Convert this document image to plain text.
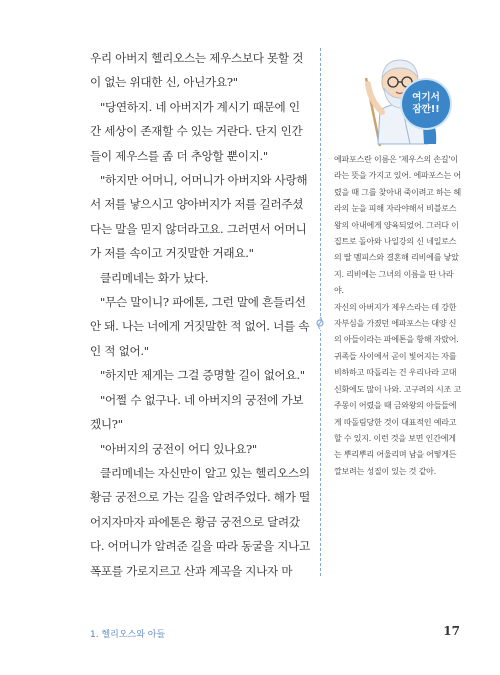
우리 아버지 헬리오스는 제우스보다 못할 것이 없는 위대한 신, 아닌가요?"

"당연하지. 네 아버지가 계시기 때문에 인간 세상이 존재할 수 있는 거란다. 단지 인간들이 제우스를 좀 더 추앙할 뿐이지."

"하지만 어머니, 어머니가 아버지와 사랑해서 저를 낳으시고 양아버지가 저를 길러주셨다는 말을 믿지 않더라고요. 그러면서 어머니가 저를 속이고 거짓말한 거래요."

클리메네는 화가 났다.

"무슨 말이니? 파에톤, 그런 말에 흔들리선 안 돼. 나는 너에게 거짓말한 적 없어. 너를 속인 적 없어."

"하지만 제게는 그걸 증명할 길이 없어요."

"어쩔 수 없구나. 네 아버지의 궁전에 가보겠니?"

"아버지의 궁전이 어디 있나요?"

클리메네는 자신만이 알고 있는 헬리오스의 황금 궁전으로 가는 길을 알려주었다. 해가 떨어지자마자 파에톤은 황금 궁전으로 달려갔다. 어머니가 알려준 길을 따라 동굴을 지나고 폭포를 가로지르고 산과 계곡을 지나자 마

여기서
잠깐!!

에파포스란 이름은 '제우스의 손길'이라는 뜻을 가지고 있어. 에파포스는 어렸을 때 그를 찾아내 죽이려고 하는 헤라의 눈을 피해 자라야해서 비블로스 왕의 아내에게 양육되었어. 그러다 이집트로 돌아와 나일강의 신 네일로스의 딸 멤피스와 결혼해 리비에를 낳았지. 리비에는 그녀의 이름을 딴 나라야.

자신의 아버지가 제우스라는 데 강한 자부심을 가졌던 에파포스는 대양 신의 아들이라는 파에톤을 항해 자랐어. 귀족들 사이에서 곧이 빛어지는 자를 비하하고 따돌리는 건 우리나라 고대 신화에도 많이 나와. 고구려의 시조 고주몽이 어렸을 때 금와왕의 아들들에게 따돌림당한 것이 대표적인 예라고 할 수 있지. 이런 것을 보면 인간에게는 뿌리뿌리 어울리며 남을 어떻게든 깔보려는 성질이 있는 것 같아.

1. 헬리오스와 아들	17
